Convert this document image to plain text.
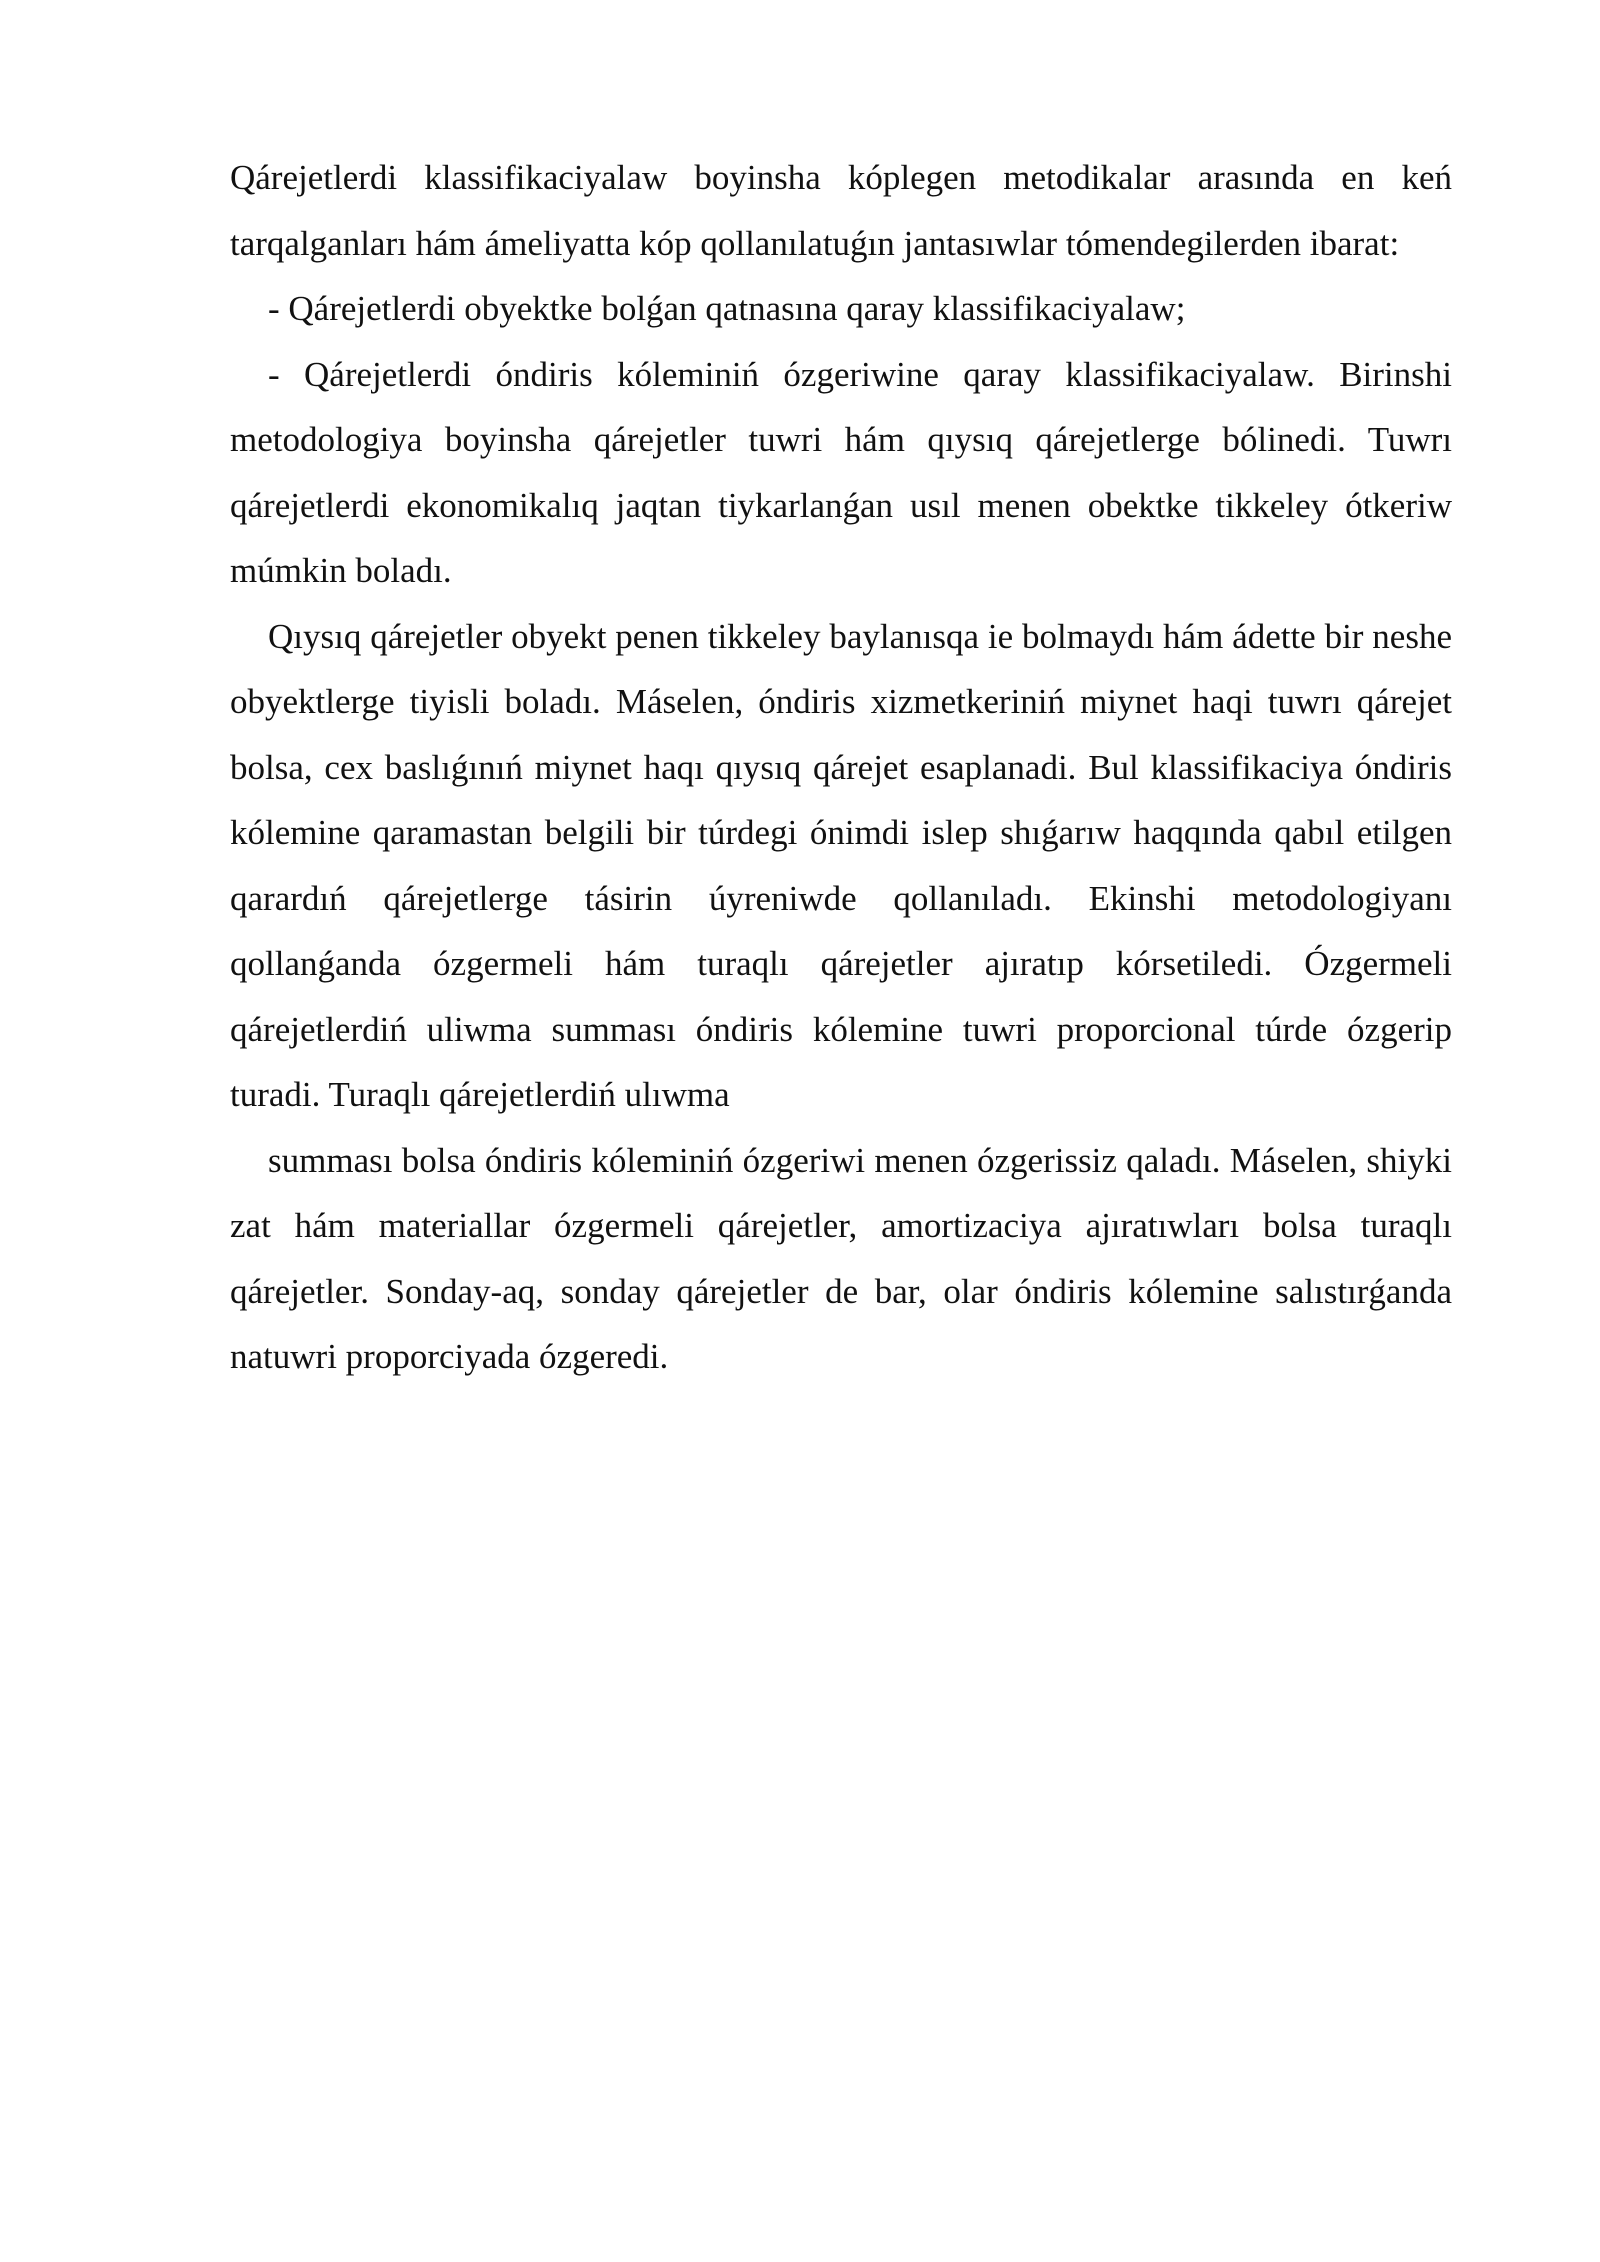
Qárejetlerdi klassifikaciyalaw boyinsha kóplegen metodikalar arasında en keń tarqalganları hám ámeliyatta kóp qollanılatuǵın jantasıwlar tómendegilerden ibarat:

- Qárejetlerdi obyektke bolǵan qatnasına qaray klassifikaciyalaw;

- Qárejetlerdi óndiris kóleminiń ózgeriwine qaray klassifikaciyalaw. Birinshi metodologiya boyinsha qárejetler tuwri hám qıysıq qárejetlerge bólinedi. Tuwrı qárejetlerdi ekonomikalıq jaqtan tiykarlanǵan usıl menen obektke tikkeley ótkeriw múmkin boladı.

Qıysıq qárejetler obyekt penen tikkeley baylanısqa ie bolmaydı hám ádette bir neshe obyektlerge tiyisli boladı. Máselen, óndiris xizmetkeriniń miynet haqi tuwrı qárejet bolsa, cex baslıǵınıń miynet haqı qıysıq qárejet esaplanadi. Bul klassifikaciya óndiris kólemine qaramastan belgili bir túrdegi ónimdi islep shıǵarıw haqqında qabıl etilgen qarardıń qárejetlerge tásirin úyreniwde qollanıladı. Ekinshi metodologiyanı qollanǵanda ózgermeli hám turaqlı qárejetler ajıratıp kórsetiledi. Ózgermeli qárejetlerdiń uliwma summası óndiris kólemine tuwri proporcional túrde ózgerip turadi. Turaqlı qárejetlerdiń ulıwma

summası bolsa óndiris kóleminiń ózgeriwi menen ózgerissiz qaladı. Máselen, shiyki zat hám materiallar ózgermeli qárejetler, amortizaciya ajıratıwları bolsa turaqlı qárejetler. Sonday-aq, sonday qárejetler de bar, olar óndiris kólemine salıstırǵanda natuwri proporciyada ózgeredi.
